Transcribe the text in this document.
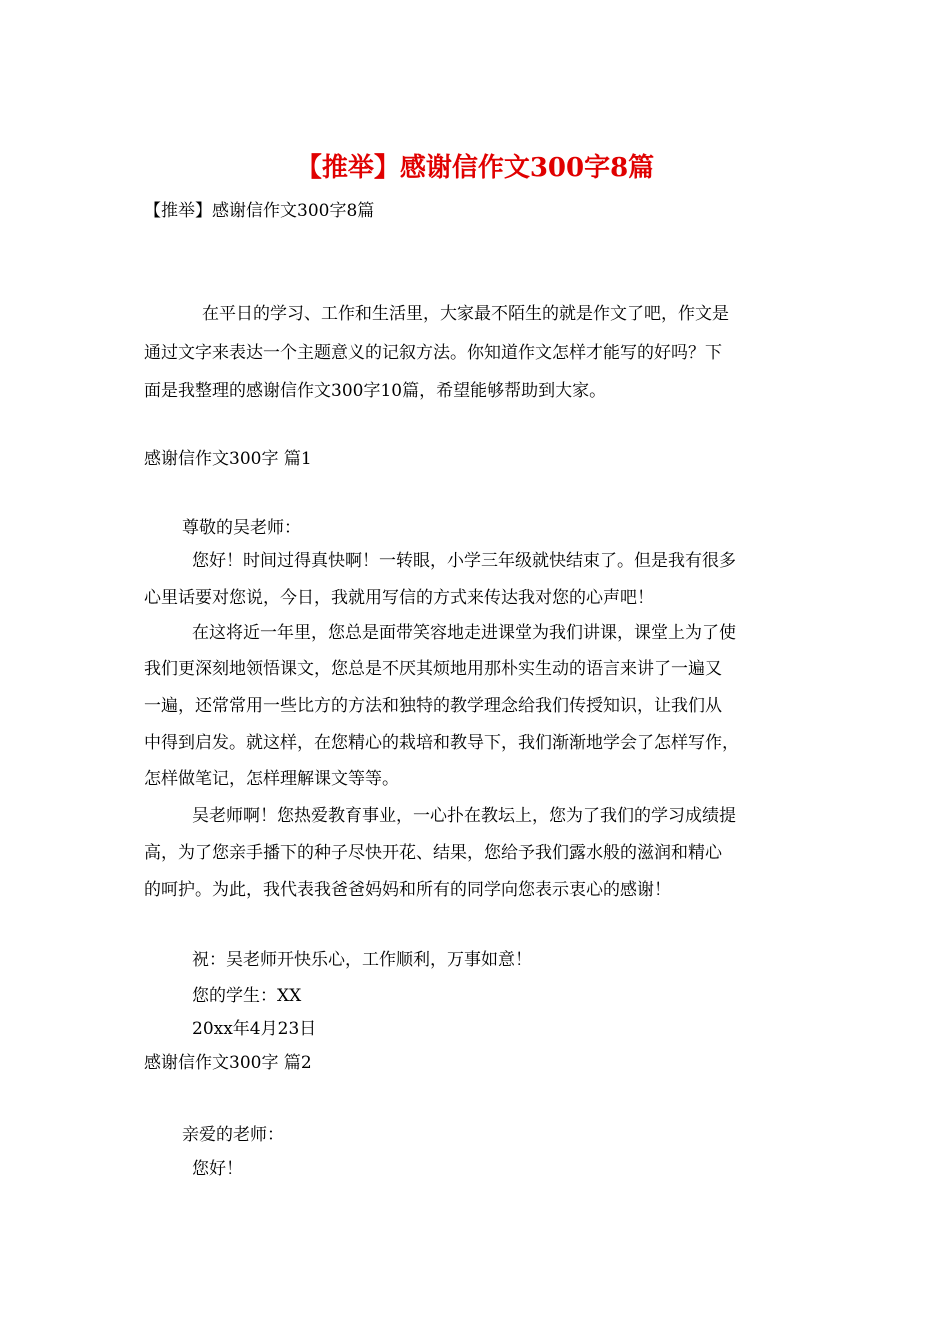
【推举】感谢信作文300字8篇
【推举】感谢信作文300字8篇
在平日的学习、工作和生活里，大家最不陌生的就是作文了吧，作文是
通过文字来表达一个主题意义的记叙方法。你知道作文怎样才能写的好吗？下
面是我整理的感谢信作文300字10篇，希望能够帮助到大家。
感谢信作文300字 篇1
尊敬的吴老师：
您好！时间过得真快啊！一转眼，小学三年级就快结束了。但是我有很多
心里话要对您说，今日，我就用写信的方式来传达我对您的心声吧！
在这将近一年里，您总是面带笑容地走进课堂为我们讲课，课堂上为了使
我们更深刻地领悟课文，您总是不厌其烦地用那朴实生动的语言来讲了一遍又
一遍，还常常用一些比方的方法和独特的教学理念给我们传授知识，让我们从
中得到启发。就这样，在您精心的栽培和教导下，我们渐渐地学会了怎样写作，
怎样做笔记，怎样理解课文等等。
吴老师啊！您热爱教育事业，一心扑在教坛上，您为了我们的学习成绩提
高，为了您亲手播下的种子尽快开花、结果，您给予我们露水般的滋润和精心
的呵护。为此，我代表我爸爸妈妈和所有的同学向您表示衷心的感谢！
祝：吴老师开快乐心，工作顺利，万事如意！
您的学生：XX
20xx年4月23日
感谢信作文300字 篇2
亲爱的老师：
您好！
